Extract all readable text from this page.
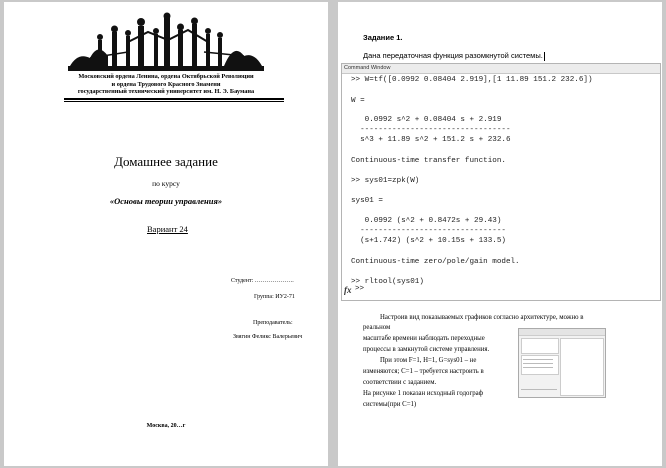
Московский ордена Ленина, ордена Октябрьской Революции
и ордена Трудового Красного Знамени
государственный технический университет им. Н. Э. Баумана
Домашнее задание
по курсу
«Основы теории управления»
Вариант 24
Студент: ………………..
Группа: ИУ2-71
Преподаватель:
Звягин Феликс Валерьевич
Москва, 20…г
Задание 1.
Дана передаточная функция разомкнутой системы.
Command Window
>> W=tf([0.0992 0.08404 2.919],[1 11.89 151.2 232.6])
W =
0.0992 s^2 + 0.08404 s + 2.919
---------------------------------
s^3 + 11.89 s^2 + 151.2 s + 232.6
Continuous-time transfer function.
>> sys01=zpk(W)
sys01 =
0.0992 (s^2 + 0.8472s + 29.43)
--------------------------------
(s+1.742) (s^2 + 10.15s + 133.5)
Continuous-time zero/pole/gain model.
>> rltool(sys01)
fx >>
Настроив вид показываемых графиков согласно архитектуре, можно в
реальном
масштабе времени наблюдать переходные
процессы в замкнутой системе управления.
При этом F=1, H=1, G=sys01 – не
изменяются; C=1 – требуется настроить в
соответствии с заданием.
На рисунке 1 показан исходный годограф
системы(при C=1)
